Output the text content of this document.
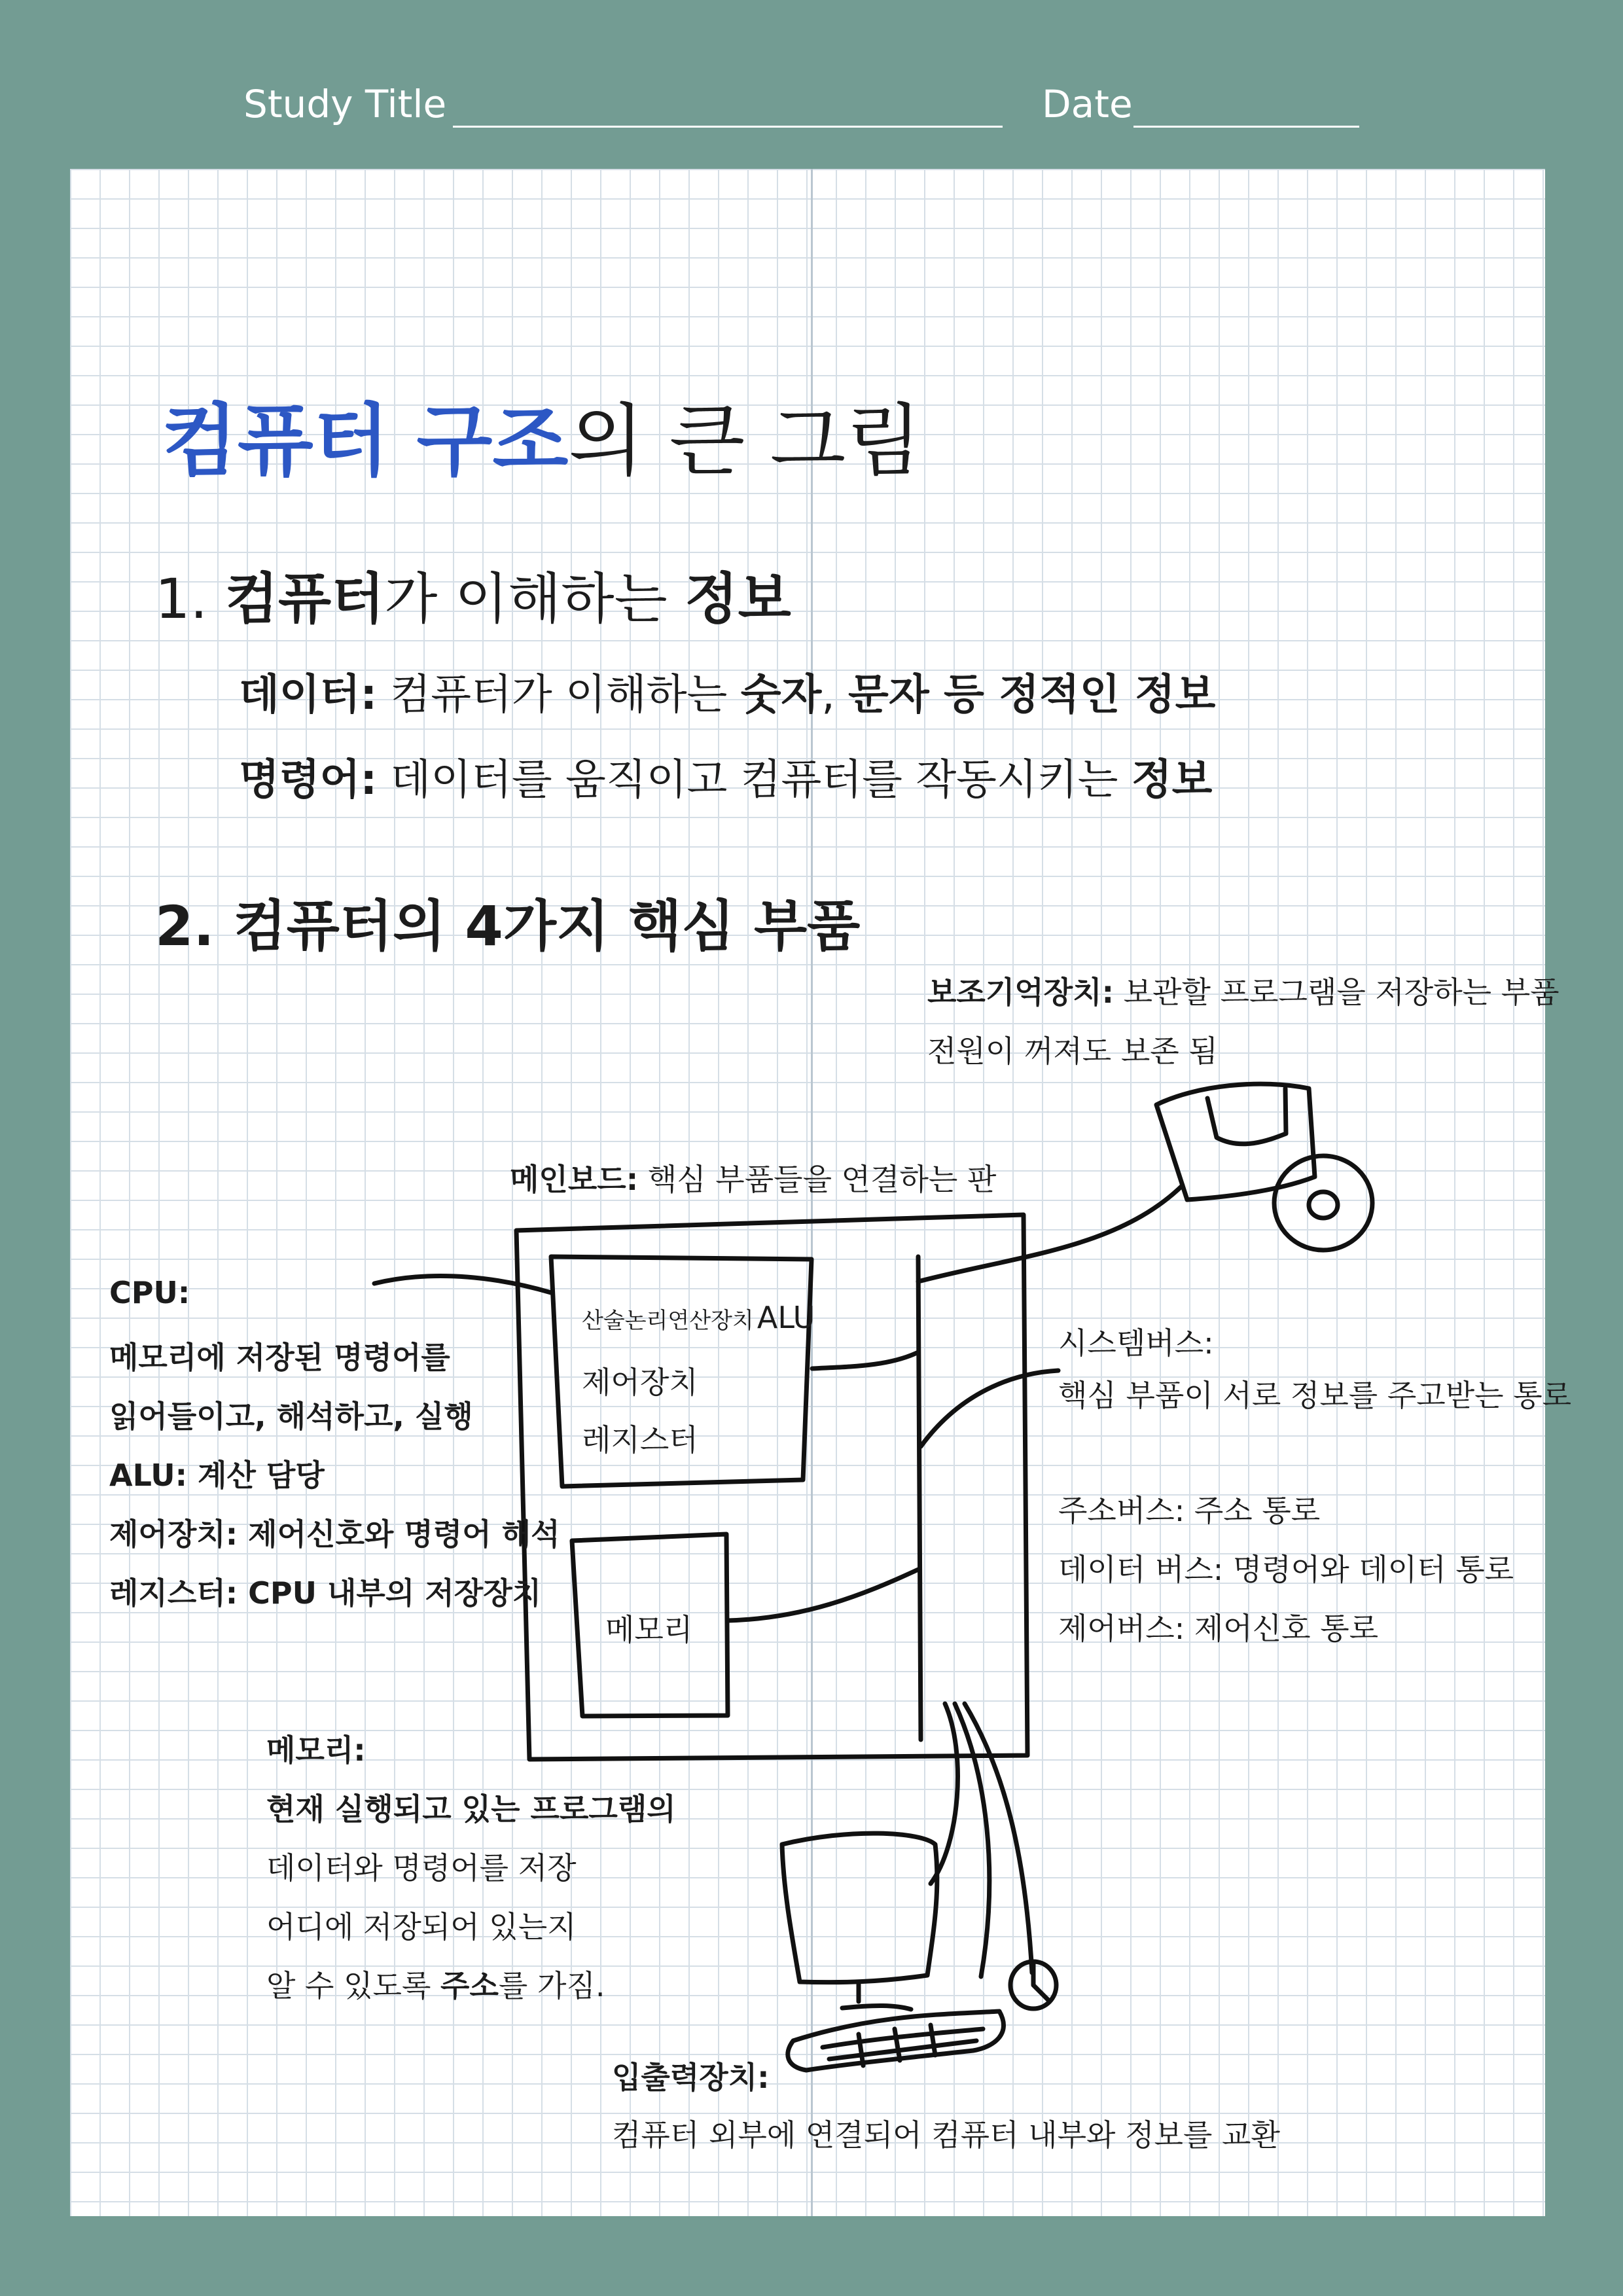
Study Title	Date
컴퓨터 구조의 큰 그림
1. 컴퓨터가 이해하는 정보
데이터: 컴퓨터가 이해하는 숫자, 문자 등 정적인 정보
명령어: 데이터를 움직이고 컴퓨터를 작동시키는 정보
2. 컴퓨터의 4가지 핵심 부품
보조기억장치: 보관할 프로그램을 저장하는 부품
전원이 꺼져도 보존 됨
메인보드: 핵심 부품들을 연결하는 판
CPU:
메모리에 저장된 명령어를
읽어들이고, 해석하고, 실행
ALU: 계산 담당
제어장치: 제어신호와 명령어 해석
레지스터: CPU 내부의 저장장치
산술논리연산장치 ALU
제어장치
레지스터
메모리
시스템버스:
핵심 부품이 서로 정보를 주고받는 통로
주소버스: 주소 통로
데이터 버스: 명령어와 데이터 통로
제어버스: 제어신호 통로
메모리:
현재 실행되고 있는 프로그램의
데이터와 명령어를 저장
어디에 저장되어 있는지
알 수 있도록 주소를 가짐.
입출력장치:
컴퓨터 외부에 연결되어 컴퓨터 내부와 정보를 교환
